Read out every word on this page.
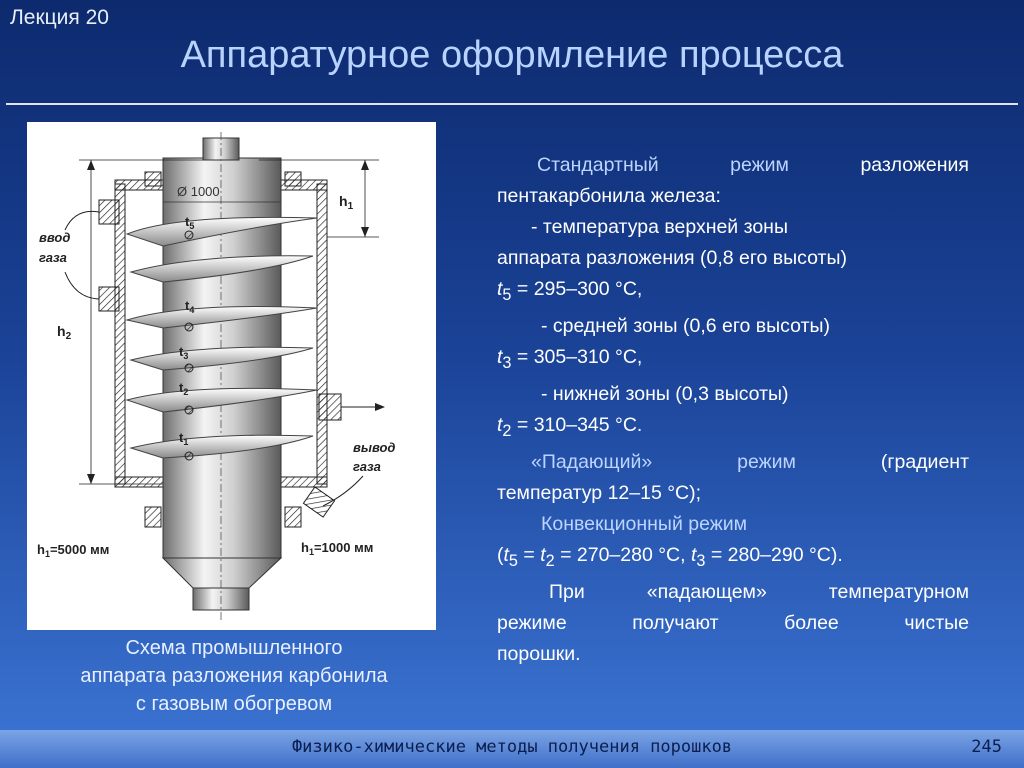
Лекция 20
Аппаратурное оформление процесса
Ø 1000
$t_5$
$t_4$
$t_3$
$t_2$
$t_1$
$h_1$
$h_2$
ввод
газа
вывод
газа
$h_1=5000$ мм	$h_1=1000$ мм
Схема промышленного
аппарата разложения карбонила
с газовым обогревом

Стандартный режим разложения

пентакарбонила железа:

- температура верхней зоны

аппарата разложения (0,8 его высоты)

$t_5 = 295-300$ °C,

- средней зоны (0,6 его высоты)

$t_3 = 305-310$ °C,

- нижней зоны (0,3 высоты)

$t_2 = 310-345$ °C.

«Падающий» режим (градиент

температур 12–15 °C);

Конвекционный режим

($t_5 = t_2 = 270-280$ °C, $t_3 = 280-290$ °C).

При «падающем» температурном

режиме получают более чистые

порошки.

Физико-химические методы получения порошков	245
